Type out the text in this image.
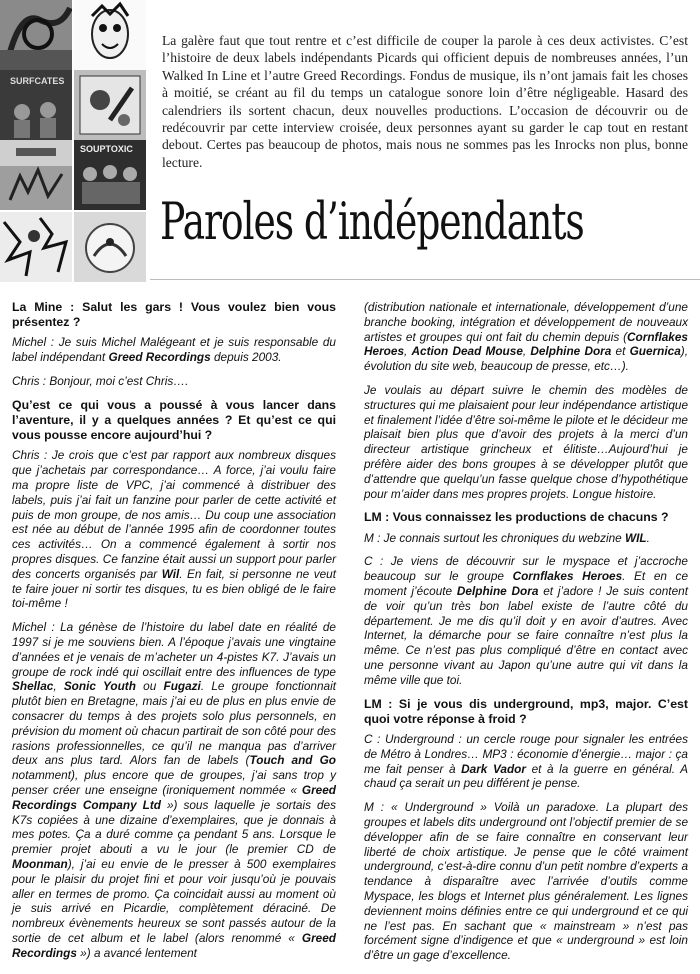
SURFCATES
SOUPTOXIC

La galère faut que tout rentre et c’est difficile de couper la parole à ces deux activistes. C’est l’histoire de deux labels indépendants Picards qui officient depuis de nombreuses années, l’un Walked In Line et l’autre Greed Recordings. Fondus de musique, ils n’ont jamais fait les choses à moitié, se créant au fil du temps un catalogue sonore loin d’être négligeable. Hasard des calendriers ils sortent chacun, deux nouvelles productions. L’occasion de découvrir ou de redécouvrir par cette interview croisée, deux personnes ayant su garder le cap tout en restant debout. Certes pas beaucoup de photos, mais nous ne sommes pas les Inrocks non plus, bonne lecture.

Paroles d’indépendants

La Mine : Salut les gars ! Vous voulez bien vous présentez ?

Michel : Je suis Michel Malégeant et je suis responsable du label indépendant Greed Recordings depuis 2003.

Chris : Bonjour, moi c’est Chris….

Qu’est ce qui vous a poussé à vous lancer dans l’aventure, il y a quelques années ? Et qu’est ce qui vous pousse encore aujourd’hui ?

Chris : Je crois que c’est par rapport aux nombreux disques que j’achetais par correspondance… A force, j’ai voulu faire ma propre liste de VPC, j’ai commencé à distribuer des labels, puis j’ai fait un fanzine pour parler de cette activité et puis de mon groupe, de nos amis… Du coup une association est née au début de l’année 1995 afin de coordonner toutes ces activités… On a commencé également à sortir nos propres disques. Ce fanzine était aussi un support pour parler des concerts organisés par Wil. En fait, si personne ne veut te faire jouer ni sortir tes disques, tu es bien obligé de le faire toi-même !

Michel : La génèse de l’histoire du label date en réalité de 1997 si je me souviens bien. A l’époque j’avais une vingtaine d’années et je venais de m’acheter un 4-pistes K7. J’avais un groupe de rock indé qui oscillait entre des influences de type Shellac, Sonic Youth ou Fugazi. Le groupe fonctionnait plutôt bien en Bretagne, mais j’ai eu de plus en plus envie de consacrer du temps à des projets solo plus personnels, en prévision du moment où chacun partirait de son côté pour des rasions professionnelles, ce qu’il ne manqua pas d’arriver deux ans plus tard. Alors fan de labels (Touch and Go notamment), plus encore que de groupes, j’ai sans trop y penser créer une enseigne (ironiquement nommée « Greed Recordings Company Ltd ») sous laquelle je sortais des K7s copiées à une dizaine d’exemplaires, que je donnais à mes potes. Ça a duré comme ça pendant 5 ans. Lorsque le premier projet abouti a vu le jour (le premier CD de Moonman), j’ai eu envie de le presser à 500 exemplaires pour le plaisir du projet fini et pour voir jusqu’où je pouvais aller en termes de promo. Ça coincidait aussi au moment où je suis arrivé en Picardie, complètement déraciné. De nombreux évènements heureux se sont passés autour de la sortie de cet album et le label (alors renommé « Greed Recordings ») a avancé lentement

(distribution nationale et internationale, développement d’une branche booking, intégration et développement de nouveaux artistes et groupes qui ont fait du chemin depuis (Cornflakes Heroes, Action Dead Mouse, Delphine Dora et Guernica), évolution du site web, beaucoup de presse, etc…).

Je voulais au départ suivre le chemin des modèles de structures qui me plaisaient pour leur indépendance artistique et finalement l’idée d’être soi-même le pilote et le décideur me plaisait bien plus que d’avoir des projets à la merci d’un directeur artistique grincheux et élitiste…Aujourd’hui je préfère aider des bons groupes à se développer plutôt que d’attendre que quelqu’un fasse quelque chose d’hypothétique pour m’aider dans mes propres projets. Longue histoire.

LM : Vous connaissez les productions de chacuns ?

M : Je connais surtout les chroniques du webzine WIL.

C : Je viens de découvrir sur le myspace et j’accroche beaucoup sur le groupe Cornflakes Heroes. Et en ce moment j’écoute Delphine Dora et j’adore ! Je suis content de voir qu’un très bon label existe de l’autre côté du département. Je me dis qu’il doit y en avoir d’autres. Avec Internet, la démarche pour se faire connaître n’est plus la même. Ce n’est pas plus compliqué d’être en contact avec une personne vivant au Japon qu’une autre qui vit dans la même ville que toi.

LM : Si je vous dis underground, mp3, major. C’est quoi votre réponse à froid ?

C : Underground : un cercle rouge pour signaler les entrées de Métro à Londres… MP3 : économie d’énergie… major : ça me fait penser à Dark Vador et à la guerre en général. A chaud ça serait un peu différent je pense.

M : « Underground » Voilà un paradoxe. La plupart des groupes et labels dits underground ont l’objectif premier de se développer afin de se faire connaître en conservant leur liberté de choix artistique. Je pense que le côté vraiment underground, c’est-à-dire connu d’un petit nombre d’experts a tendance à disparaître avec l’arrivée d’outils comme Myspace, les blogs et Internet plus généralement. Les lignes deviennent moins définies entre ce qui underground et ce qui ne l’est pas. En sachant que « mainstream » n’est pas forcément signe d’indigence et que « underground » est loin d’être un gage d’excellence.
